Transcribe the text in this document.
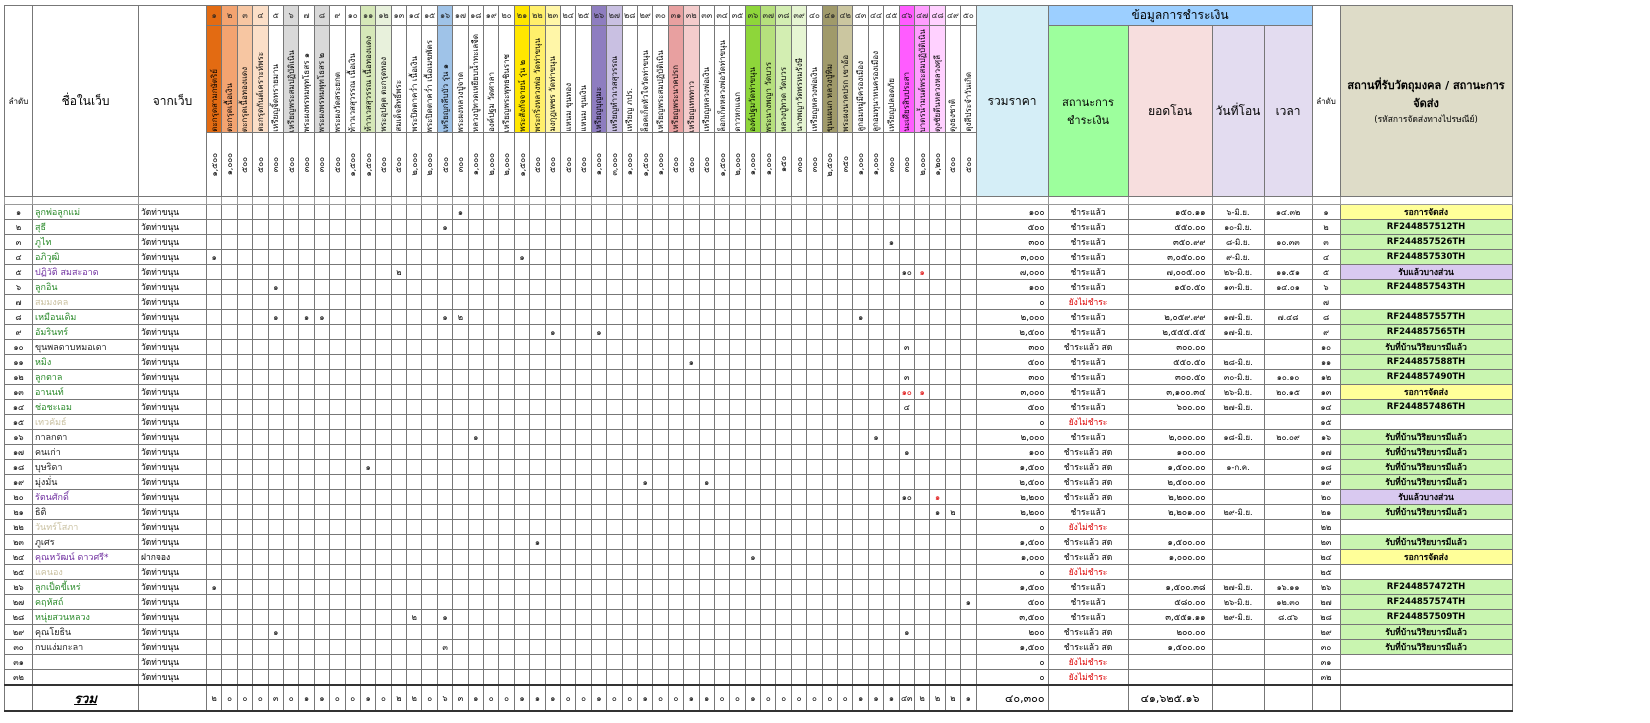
ลำดับ	ชื่อในเว็บ	จากเว็บ	๑	๒	๓	๔	๕	๖	๗	๘	๙	๑๐	๑๑	๑๒	๑๓	๑๔	๑๕	๑๖	๑๗	๑๘	๑๙	๒๐	๒๑	๒๒	๒๓	๒๔	๒๕	๒๖	๒๗	๒๘	๒๙	๓๐	๓๑	๓๒	๓๓	๓๔	๓๕	๓๖	๓๗	๓๘	๓๙	๔๐	๔๑	๔๒	๔๓	๔๔	๔๕	๔๖	๔๗	๔๘	๔๙	๕๐	รวมราคา	ข้อมูลการชำระเงิน				ลำดับ	สถานที่รับวัตถุมงคล / สถานะการจัดส่ง
(รหัสการจัดส่งทางไปรษณีย์)

			ตะกรุดสามกษัตริย์	ตะกรุดเนื้อเงิน	ตะกรุดเนื้อทองแดง	ตะกรุดกันต์เคราะห์พระ	เหรียญจิ้ดทรายมาน	เหรียญพระสมปฏิบัติเนิน	พระผงพรหมพุทโธสร ๑	พระผงพรหมพุทโธสร ๒	พระผงวัดสระยกต	ท้าวเวสสุวรรณ เนื้อเงิน	ท้าวเวสสุวรรณ เนื้อทองแดง	พระอุปคุต ตะกรุดทอง	สมเด็จสิทธิ์พระ	พระปิดตาคว่ำ เนื้อเงิน	พระปิดตาคว่ำ เนื้อเมฆพัตร	เหรียญกลีบบัว รุ่น ๑	พระผงหลวงปู่จาด	หลวงปู่ทวดเหยียบน้ำทะเลจืด	องค์ปฐม วัดศาลา	เหรียญพระพุทธชินราช	พระสังกัจจายน์ รุ่น ๒	พระกริ่งหลวงพ่อ วัดท่าขนุน	มงกุฎเพชร วัดท่าขนุน	แหนม ขุนทอง	แหนม ขุนเงิน	เหรียญบุญมะ	เหรียญทำวเวสสุวรรณ	เหรียญ ภปร.	ล็อคเก็ตหัวใจวัดท่าขนุน	เหรียญพระสมปฏิบัติเนิน	เหรียญพระนาคปรก	เหรียญเทพทาว	เหรียญหลวงพ่อเงิน	ล็อกเก็ตหลวงพ่อวัดท่าขนุน	ดาวหกแฉก	องค์ปฐมวัดท่าขนุน	พระนางพญา วัดบวร	หลวงปู่ทวด วัดบวร	นางพญาวัดพรหมรังษี	เหรียญหลวงพ่อเงิน	ขุนแผนก หลวงปู่ทิม	พระผงนาคปรก เขาอ้อ	ลูกอมหมู่มีครองเมือง	ลูกอมทุนาหนครองเมือง	เหรียญปลอดภัย	นะเศียรสิบประสา	บาตรน้ำมนต์พระสมปฏิบัติเนิน	ตุงชัยตีนหลวงหลวงศุลี	ตุงธงชาติ	ตุงสีประจำวันเกิด		สถานะการชำระเงิน	ยอดโอน	วันที่โอน	เวลา		

			๑,๕๐๐	๑,๐๐๐	๕๐๐	๕๐๐	๓๐๐	๕๐๐	๓๐๐	๓๐๐	๕๐๐	๑,๕๐๐	๑,๕๐๐	๕๐๐	๕๐๐	๒,๐๐๐	๒,๐๐๐	๕๐๐	๓๐๐	๑,๐๐๐	๒,๐๐๐	๒,๐๐๐	๑,๕๐๐	๕๐๐	๕๐๐	๕๐๐	๕๐๐	๑,๐๐๐	๓,๐๐๐	๑,๐๐๐	๑,๕๐๐	๑,๐๐๐	๕๐๐	๕๐๐	๕๐๐	๑,๕๐๐	๒,๐๐๐	๑,๐๐๐	๑,๐๐๐	๑๕๐	๓๐๐	๓๐๐	๒,๕๐๐	๓๕๐	๑,๐๐๐	๑,๐๐๐	๓๐๐	๓๐๐	๒,๐๐๐	๑,๒๐๐	๕๐๐	๕๐๐							

๑	ลูกพ่อลูกแม่	วัดท่าขนุน																	๑																																		๑๐๐	ชำระแล้ว	๑๕๐.๑๑	๖-มิ.ย.	๑๔.๓๒	๑	รอการจัดส่ง
๒	สุธี	วัดท่าขนุน																๑																																			๕๐๐	ชำระแล้ว	๕๕๐.๐๐	๑๐-มิ.ย.		๒	RF244857512TH
๓	ภูไท	วัดท่าขนุน																																													๑						๓๐๐	ชำระแล้ว	๓๕๐.๙๙	๘-มิ.ย.	๑๐.๓๓	๓	RF244857526TH
๔	อภิวุฒิ	วัดท่าขนุน	๑																				๑																														๓,๐๐๐	ชำระแล้ว	๓,๐๕๐.๐๐	๙-มิ.ย.		๔	RF244857530TH
๕	ปฏิวัติ สมสะอาด	วัดท่าขนุน													๒																																	๑๐	๑				๗,๐๐๐	ชำระแล้ว	๗,๐๐๕.๐๐	๒๖-มิ.ย.	๑๑.๕๑	๕	รับแล้วบางส่วน
๖	ลูกอิน	วัดท่าขนุน					๑																																														๑๐๐	ชำระแล้ว	๑๕๐.๕๐	๑๓-มิ.ย.	๑๔.๐๑	๖	RF244857543TH
๗	สมมงคล	วัดท่าขนุน																																																			๐	ยังไม่ชำระ				๗	
๘	เหมือนเดิม	วัดท่าขนุน					๑		๑	๑								๑	๒																										๑								๒,๐๐๐	ชำระแล้ว	๒,๐๕๙.๙๙	๑๗-มิ.ย.	๗.๔๘	๘	RF244857557TH
๙	อัมรินทร์	วัดท่าขนุน																							๑			๑																									๒,๕๐๐	ชำระแล้ว	๒,๕๕๕.๕๕	๑๗-มิ.ย.		๙	RF244857565TH
๑๐	ขุนพลดาบหมอเดา	วัดท่าขนุน																																														๓					๓๐๐	ชำระแล้ว สด	๓๐๐.๐๐			๑๐	รับที่บ้านวิริยบารมีแล้ว
๑๑	หมิง	วัดท่าขนุน																																๑																			๕๐๐	ชำระแล้ว	๕๕๐.๕๐	๒๘-มิ.ย.		๑๑	RF244857588TH
๑๒	ลูกตาล	วัดท่าขนุน																																														๓					๓๐๐	ชำระแล้ว	๓๐๐.๕๐	๓๐-มิ.ย.	๑๐.๑๐	๑๒	RF244857490TH
๑๓	อานนท์	วัดท่าขนุน																																														๑๐	๑				๓,๐๐๐	ชำระแล้ว	๓,๑๐๐.๓๔	๒๖-มิ.ย.	๒๐.๑๕	๑๓	รอการจัดส่ง
๑๔	ช่อชะเอม	วัดท่าขนุน																																														๔					๕๐๐	ชำระแล้ว	๖๐๐.๐๐	๒๗-มิ.ย.		๑๔	RF244857486TH
๑๕	เทวคัมธ์	วัดท่าขนุน																																																			๐	ยังไม่ชำระ				๑๕	
๑๖	กาลกตา	วัดท่าขนุน																		๑																										๑							๒,๐๐๐	ชำระแล้ว	๒,๐๐๐.๐๐	๑๘-มิ.ย.	๒๐.๐๙	๑๖	รับที่บ้านวิริยบารมีแล้ว
๑๗	คนเก่า	วัดท่าขนุน																																														๑					๑๐๐	ชำระแล้ว สด	๑๐๐.๐๐			๑๗	รับที่บ้านวิริยบารมีแล้ว
๑๘	บุษริดา	วัดท่าขนุน											๑																																								๑,๕๐๐	ชำระแล้ว สด	๑,๕๐๐.๐๐	๑-ก.ค.		๑๘	รับที่บ้านวิริยบารมีแล้ว
๑๙	มุ่งมั่น	วัดท่าขนุน																													๑				๑																		๒,๕๐๐	ชำระแล้ว สด	๒,๕๐๐.๐๐			๑๙	รับที่บ้านวิริยบารมีแล้ว
๒๐	รัตนศักดิ์	วัดท่าขนุน																																														๑๐		๑			๒,๒๐๐	ชำระแล้ว สด	๒,๒๐๐.๐๐			๒๐	รับแล้วบางส่วน
๒๑	ธิติ	วัดท่าขนุน																																																๑	๒		๒,๒๐๐	ชำระแล้ว	๒,๒๐๑.๐๐	๒๙-มิ.ย.		๒๑	รับที่บ้านวิริยบารมีแล้ว
๒๒	วันทร์โสภา	วัดท่าขนุน																																																			๐	ยังไม่ชำระ				๒๒	
๒๓	ภูเศร	วัดท่าขนุน																						๑																													๑,๕๐๐	ชำระแล้ว สด	๑,๕๐๐.๐๐			๒๓	รับที่บ้านวิริยบารมีแล้ว
๒๔	คุณหวัฒน์ ดาวศรี*	ฝากจอง																																				๑															๑,๐๐๐	ชำระแล้ว สด	๑,๐๐๐.๐๐			๒๔	รอการจัดส่ง
๒๕	แคนอง	วัดท่าขนุน																																																			๐	ยังไม่ชำระ				๒๕	
๒๖	ลูกเป็ดขี้เหร่	วัดท่าขนุน	๑																																																		๑,๕๐๐	ชำระแล้ว	๑,๕๐๐.๓๘	๒๗-มิ.ย.	๑๖.๑๑	๒๖	RF244857472TH
๒๗	คฤหัสถ์	วัดท่าขนุน																																																		๑	๕๐๐	ชำระแล้ว	๕๘๐.๐๐	๒๖-มิ.ย.	๑๒.๓๐	๒๗	RF244857574TH
๒๘	หนุ่ยสวนหลวง	วัดท่าขนุน														๒		๑																																			๓,๕๐๐	ชำระแล้ว	๓,๕๕๑.๑๑	๒๙-มิ.ย.	๘.๔๖	๒๘	RF244857509TH
๒๙	คุณโยธิน	วัดท่าขนุน					๑																																									๑					๒๐๐	ชำระแล้ว สด	๒๐๐.๐๐			๒๙	รับที่บ้านวิริยบารมีแล้ว
๓๐	กบแง่มกะลา	วัดท่าขนุน																๓																																			๑,๕๐๐	ชำระแล้ว สด	๑,๕๐๐.๐๐			๓๐	รับที่บ้านวิริยบารมีแล้ว
๓๑		วัดท่าขนุน																																																			๐	ยังไม่ชำระ				๓๑	
๓๒		วัดท่าขนุน																																																			๐	ยังไม่ชำระ				๓๒	
	รวม		๒	๐	๐	๐	๓	๐	๑	๑	๐	๐	๑	๐	๒	๒	๐	๖	๓	๑	๐	๐	๑	๑	๑	๐	๐	๑	๐	๐	๑	๐	๐	๑	๑	๐	๐	๑	๐	๐	๐	๐	๐	๐	๑	๑	๑	๔๓	๒	๒	๒	๑	๔๐,๓๐๐		๔๑,๖๒๕.๑๖				
